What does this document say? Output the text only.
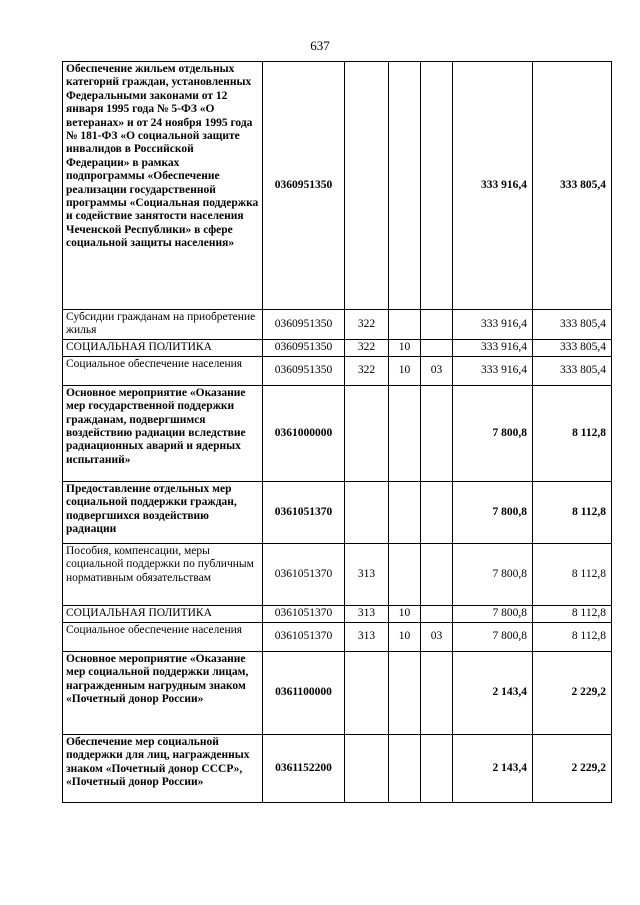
637
Обеспечение жильем отдельных категорий граждан, установленных Федеральными законами от 12 января 1995 года № 5-ФЗ «О ветеранах» и от 24 ноября 1995 года № 181-ФЗ «О социальной защите инвалидов в Российской Федерации» в рамках подпрограммы «Обеспечение реализации государственной программы «Социальная поддержка и содействие занятости населения Чеченской Республики» в сфере социальной защиты населения»	0360951350				333 916,4	333 805,4
Субсидии гражданам на приобретение жилья	0360951350	322			333 916,4	333 805,4
СОЦИАЛЬНАЯ ПОЛИТИКА	0360951350	322	10		333 916,4	333 805,4
Социальное обеспечение населения	0360951350	322	10	03	333 916,4	333 805,4
Основное мероприятие «Оказание мер государственной поддержки гражданам, подвергшимся воздействию радиации вследствие радиационных аварий и ядерных испытаний»	0361000000				7 800,8	8 112,8
Предоставление отдельных мер социальной поддержки граждан, подвергшихся воздействию радиации	0361051370				7 800,8	8 112,8
Пособия, компенсации, меры социальной поддержки по публичным нормативным обязательствам	0361051370	313			7 800,8	8 112,8
СОЦИАЛЬНАЯ ПОЛИТИКА	0361051370	313	10		7 800,8	8 112,8
Социальное обеспечение населения	0361051370	313	10	03	7 800,8	8 112,8
Основное мероприятие «Оказание мер социальной поддержки лицам, награжденным нагрудным знаком «Почетный донор России»	0361100000				2 143,4	2 229,2
Обеспечение мер социальной поддержки для лиц, награжденных знаком «Почетный донор СССР», «Почетный донор России»	0361152200				2 143,4	2 229,2
